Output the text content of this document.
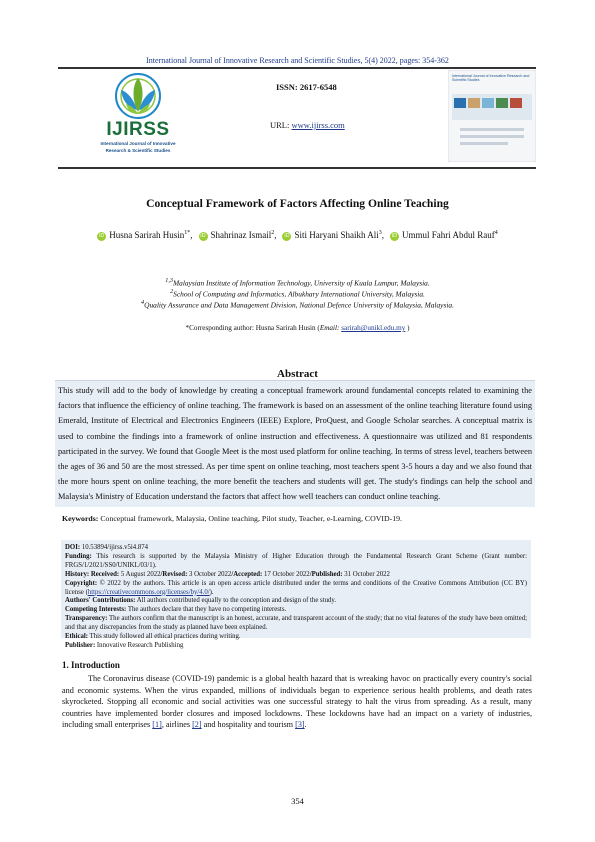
International Journal of Innovative Research and Scientific Studies, 5(4) 2022, pages: 354-362
IJIRSS
International Journal of Innovative
Research & Scientific Studies
ISSN: 2617-6548
URL: www.ijirss.com
International Journal of Innovative Research and Scientific Studies
Conceptual Framework of Factors Affecting Online Teaching
iD Husna Sarirah Husin$^{1*}$, iD Shahrinaz Ismail$^2$, iD Siti Haryani Shaikh Ali$^3$, iD Ummul Fahri Abdul Rauf$^4$
$^{1,3}$Malaysian Institute of Information Technology, University of Kuala Lumpur, Malaysia.
$^2$School of Computing and Informatics, Albukhary International University, Malaysia.
$^4$Quality Assurance and Data Management Division, National Defence University of Malaysia, Malaysia.
*Corresponding author: Husna Sarirah Husin (Email: sarirah@unikl.edu.my )
Abstract
This study will add to the body of knowledge by creating a conceptual framework around fundamental concepts related to examining the factors that influence the efficiency of online teaching. The framework is based on an assessment of the online teaching literature found using Emerald, Institute of Electrical and Electronics Engineers (IEEE) Explore, ProQuest, and Google Scholar searches. A conceptual matrix is used to combine the findings into a framework of online instruction and effectiveness. A questionnaire was utilized and 81 respondents participated in the survey. We found that Google Meet is the most used platform for online teaching. In terms of stress level, teachers between the ages of 36 and 50 are the most stressed. As per time spent on online teaching, most teachers spent 3-5 hours a day and we also found that the more hours spent on online teaching, the more benefit the teachers and students will get. The study's findings can help the school and Malaysia's Ministry of Education understand the factors that affect how well teachers can conduct online teaching.
Keywords: Conceptual framework, Malaysia, Online teaching, Pilot study, Teacher, e-Learning, COVID-19.
DOI: 10.53894/ijirss.v5i4.874
Funding: This research is supported by the Malaysia Ministry of Higher Education through the Fundamental Research Grant Scheme (Grant number: FRGS/1/2021/SS0/UNIKL/03/1).
History: Received: 5 August 2022/Revised: 3 October 2022/Accepted: 17 October 2022/Published: 31 October 2022
Copyright: © 2022 by the authors. This article is an open access article distributed under the terms and conditions of the Creative Commons Attribution (CC BY) license (https://creativecommons.org/licenses/by/4.0/).
Authors' Contributions: All authors contributed equally to the conception and design of the study.
Competing Interests: The authors declare that they have no competing interests.
Transparency: The authors confirm that the manuscript is an honest, accurate, and transparent account of the study; that no vital features of the study have been omitted; and that any discrepancies from the study as planned have been explained.
Ethical: This study followed all ethical practices during writing.
Publisher: Innovative Research Publishing
1. Introduction
The Coronavirus disease (COVID-19) pandemic is a global health hazard that is wreaking havoc on practically every country's social and economic systems. When the virus expanded, millions of individuals began to experience serious health problems, and death rates skyrocketed. Stopping all economic and social activities was one successful strategy to halt the virus from spreading. As a result, many countries have implemented border closures and imposed lockdowns. These lockdowns have had an impact on a variety of industries, including small enterprises [1], airlines [2] and hospitality and tourism [3].
354
